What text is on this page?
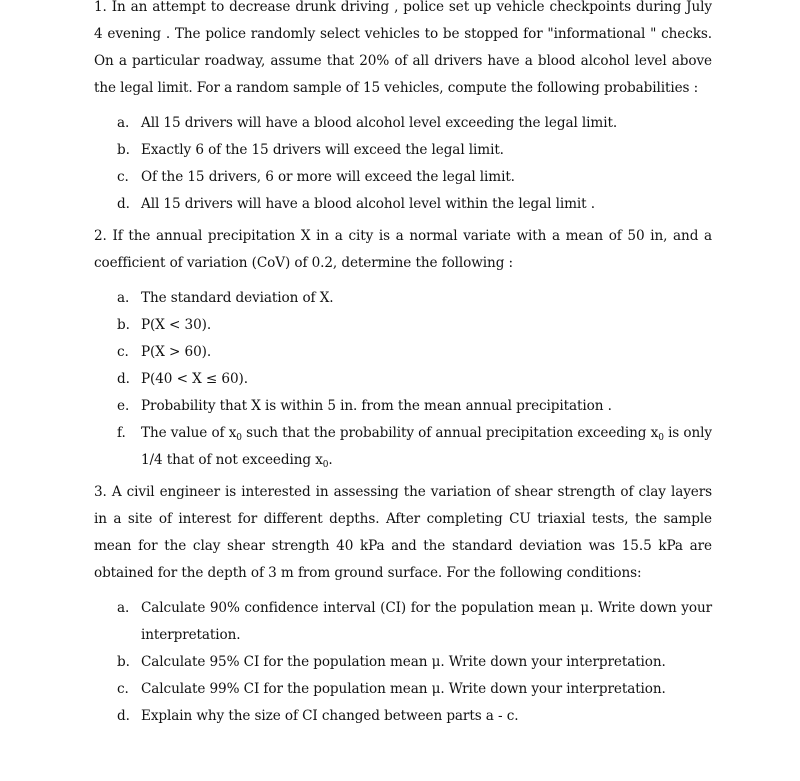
1. In an attempt to decrease drunk driving , police set up vehicle checkpoints during July 4 evening . The police randomly select vehicles to be stopped for "informational " checks. On a particular roadway, assume that 20% of all drivers have a blood alcohol level above the legal limit. For a random sample of 15 vehicles, compute the following probabilities :

a. All 15 drivers will have a blood alcohol level exceeding the legal limit.
b. Exactly 6 of the 15 drivers will exceed the legal limit.
c. Of the 15 drivers, 6 or more will exceed the legal limit.
d. All 15 drivers will have a blood alcohol level within the legal limit .

2. If the annual precipitation X in a city is a normal variate with a mean of 50 in, and a coefficient of variation (CoV) of 0.2, determine the following :

a. The standard deviation of X.
b. P(X < 30).
c. P(X > 60).
d. P(40 < X ≤ 60).
e. Probability that X is within 5 in. from the mean annual precipitation .
f. The value of $x_0$ such that the probability of annual precipitation exceeding $x_0$ is only 1/4 that of not exceeding $x_0$.

3. A civil engineer is interested in assessing the variation of shear strength of clay layers in a site of interest for different depths. After completing CU triaxial tests, the sample mean for the clay shear strength 40 kPa and the standard deviation was 15.5 kPa are obtained for the depth of 3 m from ground surface. For the following conditions:

a. Calculate 90% confidence interval (CI) for the population mean μ. Write down your interpretation.
b. Calculate 95% CI for the population mean μ. Write down your interpretation.
c. Calculate 99% CI for the population mean μ. Write down your interpretation.
d. Explain why the size of CI changed between parts a - c.
